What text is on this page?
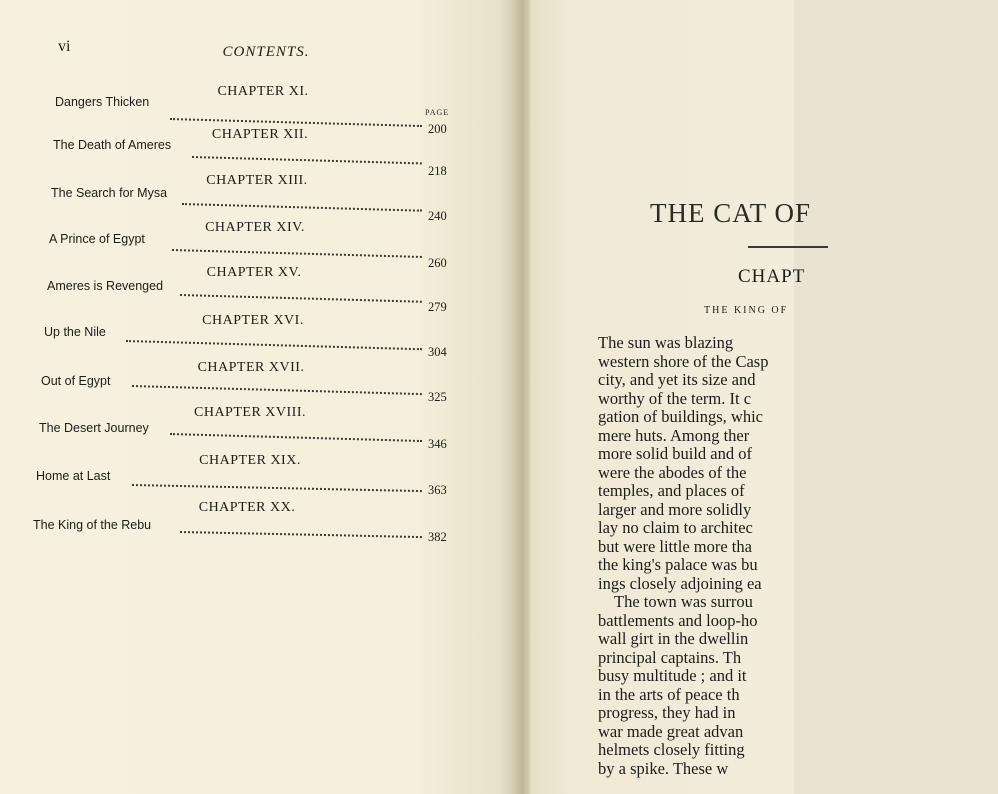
vi	CONTENTS.
PAGE
CHAPTER XI.
Dangers Thicken
200
CHAPTER XII.
The Death of Ameres
218
CHAPTER XIII.
The Search for Mysa
240
CHAPTER XIV.
A Prince of Egypt
260
CHAPTER XV.
Ameres is Revenged
279
CHAPTER XVI.
Up the Nile
304
CHAPTER XVII.
Out of Egypt
325
CHAPTER XVIII.
The Desert Journey
346
CHAPTER XIX.
Home at Last
363
CHAPTER XX.
The King of the Rebu
382
THE CAT OF
CHAPT
THE KING OF
The sun was blazing
western shore of the Casp
city, and yet its size and
worthy of the term. It c
gation of buildings, whic
mere huts. Among ther
more solid build and of
were the abodes of the
temples, and places of
larger and more solidly
lay no claim to architec
but were little more tha
the king's palace was bu
ings closely adjoining ea
The town was surrou
battlements and loop-ho
wall girt in the dwellin
principal captains. Th
busy multitude ; and it
in the arts of peace th
progress, they had in
war made great advan
helmets closely fitting
by a spike. These w
